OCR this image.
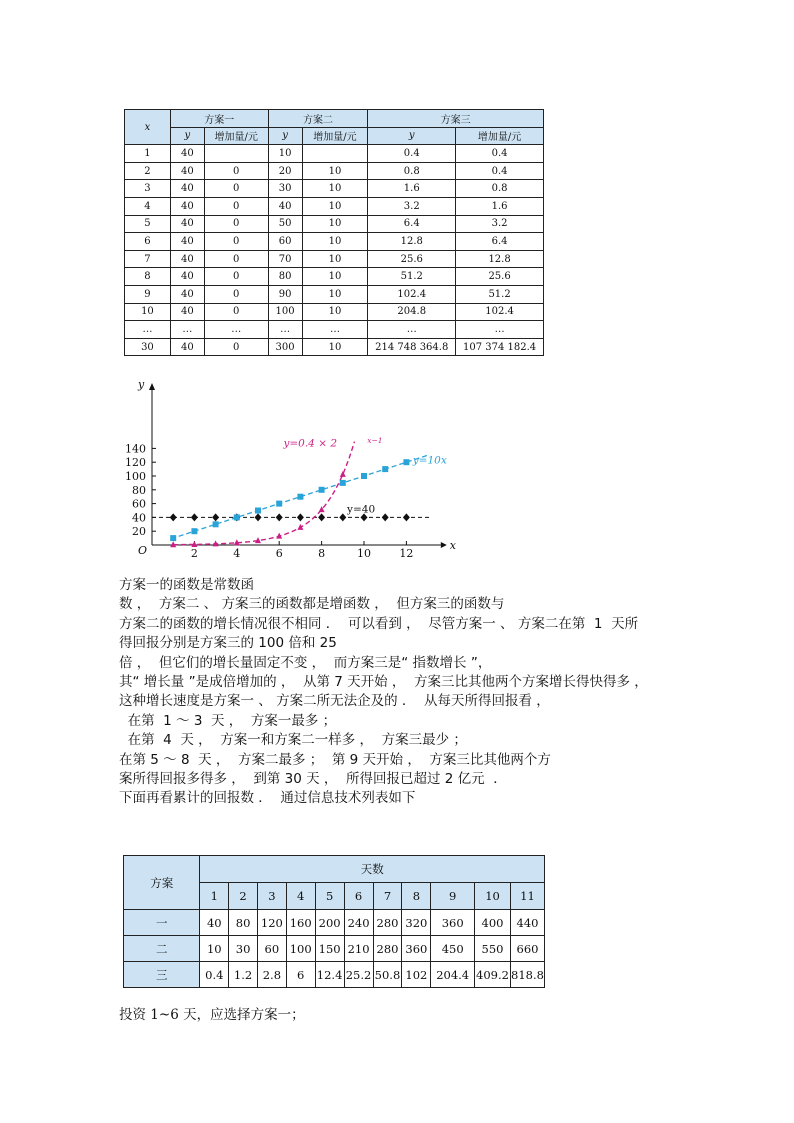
x	方案一		方案二		方案三	
	y	增加量/元	y	增加量/元	y	增加量/元
1	40		10		0.4	0.4
2	40	0	20	10	0.8	0.4
3	40	0	30	10	1.6	0.8
4	40	0	40	10	3.2	1.6
5	40	0	50	10	6.4	3.2
6	40	0	60	10	12.8	6.4
7	40	0	70	10	25.6	12.8
8	40	0	80	10	51.2	25.6
9	40	0	90	10	102.4	51.2
10	40	0	100	10	204.8	102.4
…	…	…	…	…	…	…
30	40	0	300	10	214 748 364.8	107 374 182.4
x
y
O	2	4	6	8	10	12
20
40
60
80
100
120
140
y=40
y=10x
y=0.4 × 2	x−1
方案一的函数是常数函
数 ，  方案二 、 方案三的函数都是增函数 ，  但方案三的函数与
方案二的函数的增长情况很不相同 ．  可以看到 ，  尽管方案一 、 方案二在第  1  天所
得回报分别是方案三的 100 倍和 25
倍 ，  但它们的增长量固定不变 ，  而方案三是“ 指数增长 ”，
其“ 增长量 ”是成倍增加的 ，  从第 7 天开始 ，  方案三比其他两个方案增长得快得多 ，
这种增长速度是方案一 、 方案二所无法企及的 ．  从每天所得回报看 ，
在第  1 ～ 3  天 ，  方案一最多 ；
在第  4  天 ，  方案一和方案二一样多 ，  方案三最少 ；
在第 5 ～ 8  天 ，  方案二最多 ；  第 9 天开始 ，  方案三比其他两个方
案所得回报多得多 ，  到第 30 天 ，  所得回报已超过 2 亿元  ．
下面再看累计的回报数 ．  通过信息技术列表如下
方案	天数										
	1	2	3	4	5	6	7	8	9	10	11
一	40	80	120	160	200	240	280	320	360	400	440
二	10	30	60	100	150	210	280	360	450	550	660
三	0.4	1.2	2.8	6	12.4	25.2	50.8	102	204.4	409.2	818.8
投资 1~6 天，应选择方案一；
